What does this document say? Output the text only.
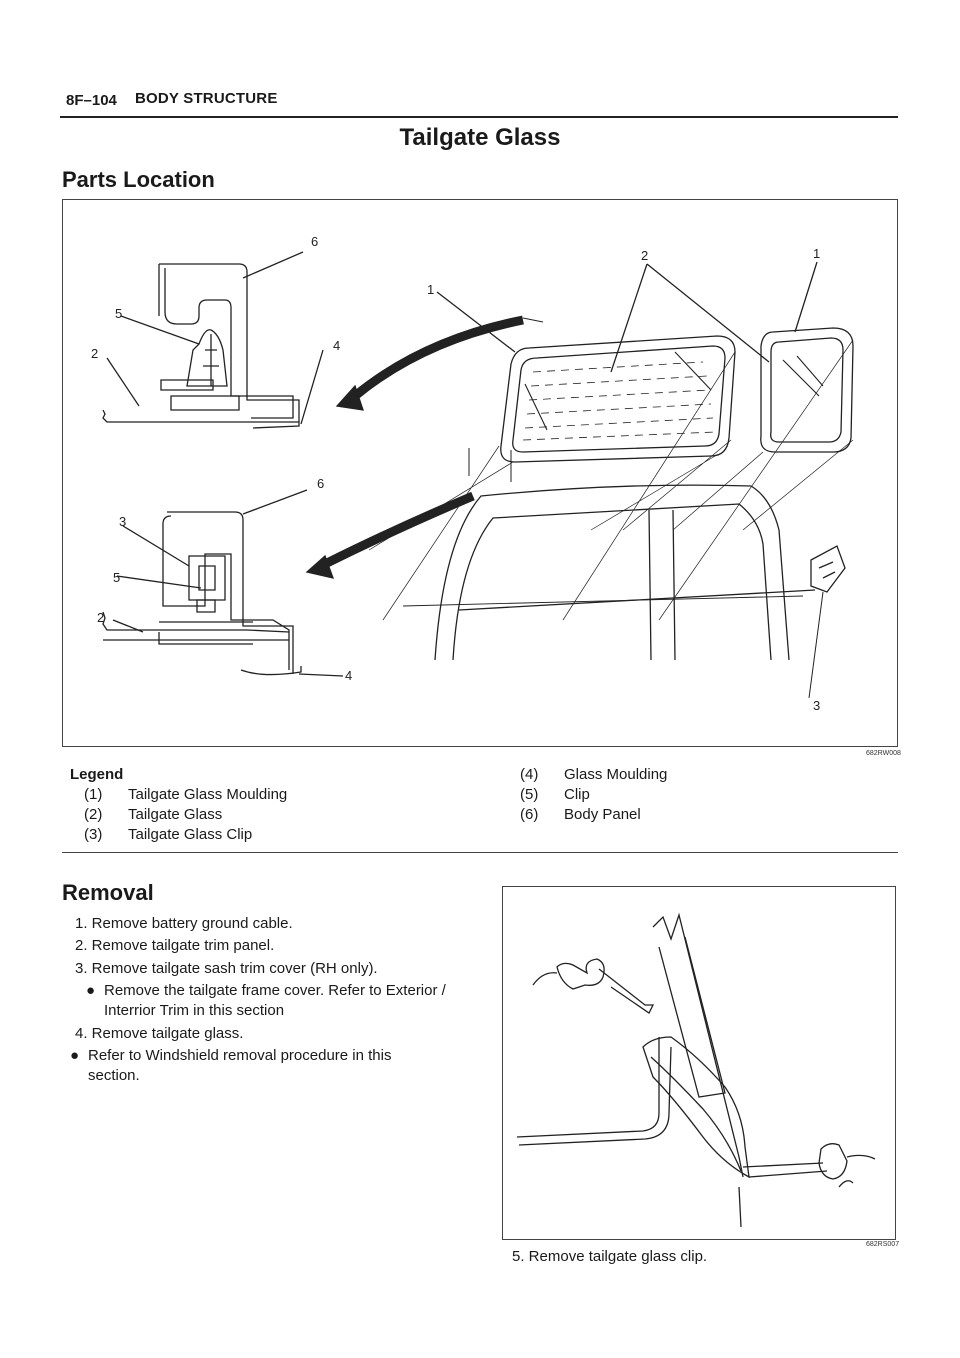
8F–104 BODY STRUCTURE
Tailgate Glass
Parts Location
6
5
2
4
6
3
5
2
4
1
2	1
3
682RW008
Legend
(1) Tailgate Glass Moulding
(2) Tailgate Glass
(3) Tailgate Glass Clip
(4) Glass Moulding
(5) Clip
(6) Body Panel
Removal
1. Remove battery ground cable.
2. Remove tailgate trim panel.
3. Remove tailgate sash trim cover (RH only).
● Remove the tailgate frame cover. Refer to Exterior /
Interrior Trim in this section
4. Remove tailgate glass.
● Refer to Windshield removal procedure in this
section.
682RS007
5. Remove tailgate glass clip.
